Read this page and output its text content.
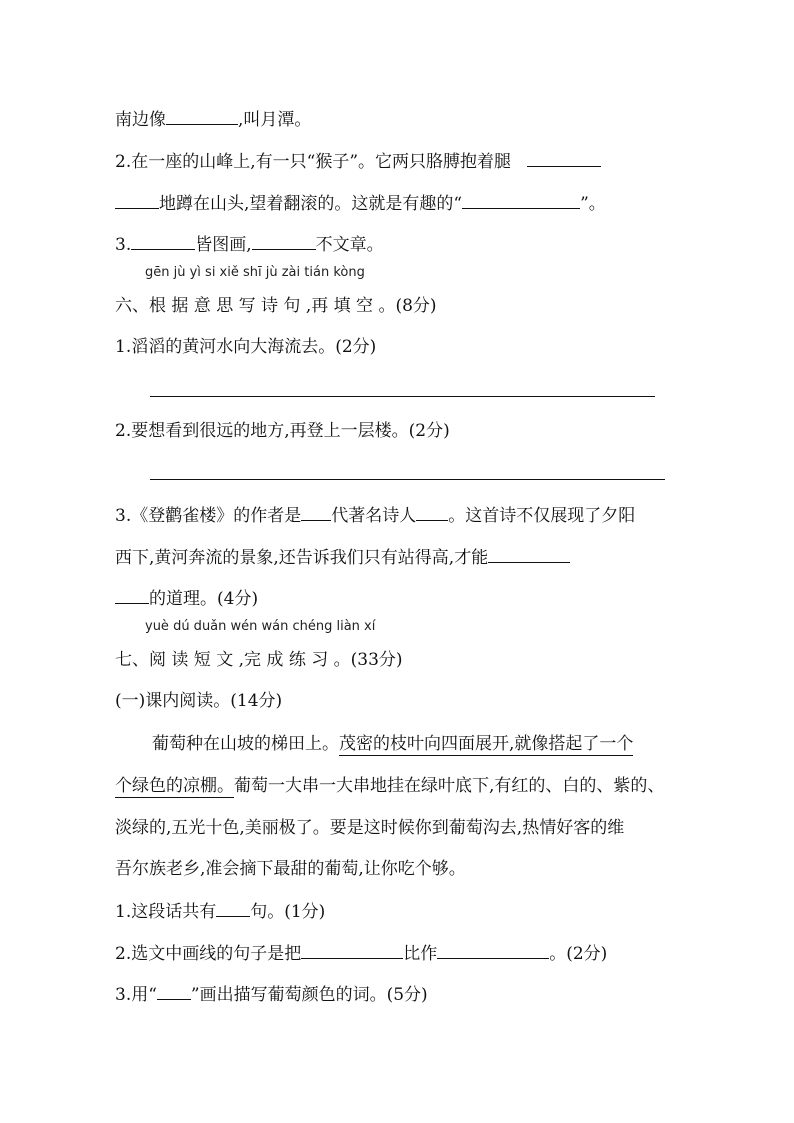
南边像	,叫月潭。
2.在一座的山峰上,有一只“猴子”。它两只胳膊抱着腿
地蹲在山头,望着翻滚的。这就是有趣的“	”。
3.	皆图画,	不文章。
gēn jù yì si xiě shī jù zài tián kòng
六、根 据 意 思 写 诗 句 ,再 填 空 。(8分)
1.滔滔的黄河水向大海流去。(2分)
2.要想看到很远的地方,再登上一层楼。(2分)
3.《登鹳雀楼》的作者是 代著名诗人 。这首诗不仅展现了夕阳
西下,黄河奔流的景象,还告诉我们只有站得高,才能
的道理。(4分)
yuè dú duǎn wén wán chéng liàn xí
七、阅 读 短 文 ,完 成 练 习 。(33分)
(一)课内阅读。(14分)
葡萄种在山坡的梯田上。茂密的枝叶向四面展开,就像搭起了一个
个绿色的凉棚。葡萄一大串一大串地挂在绿叶底下,有红的、白的、紫的、
淡绿的,五光十色,美丽极了。要是这时候你到葡萄沟去,热情好客的维
吾尔族老乡,准会摘下最甜的葡萄,让你吃个够。
1.这段话共有 句。(1分)
2.选文中画线的句子是把	比作	。(2分)
3.用“ ”画出描写葡萄颜色的词。(5分)
